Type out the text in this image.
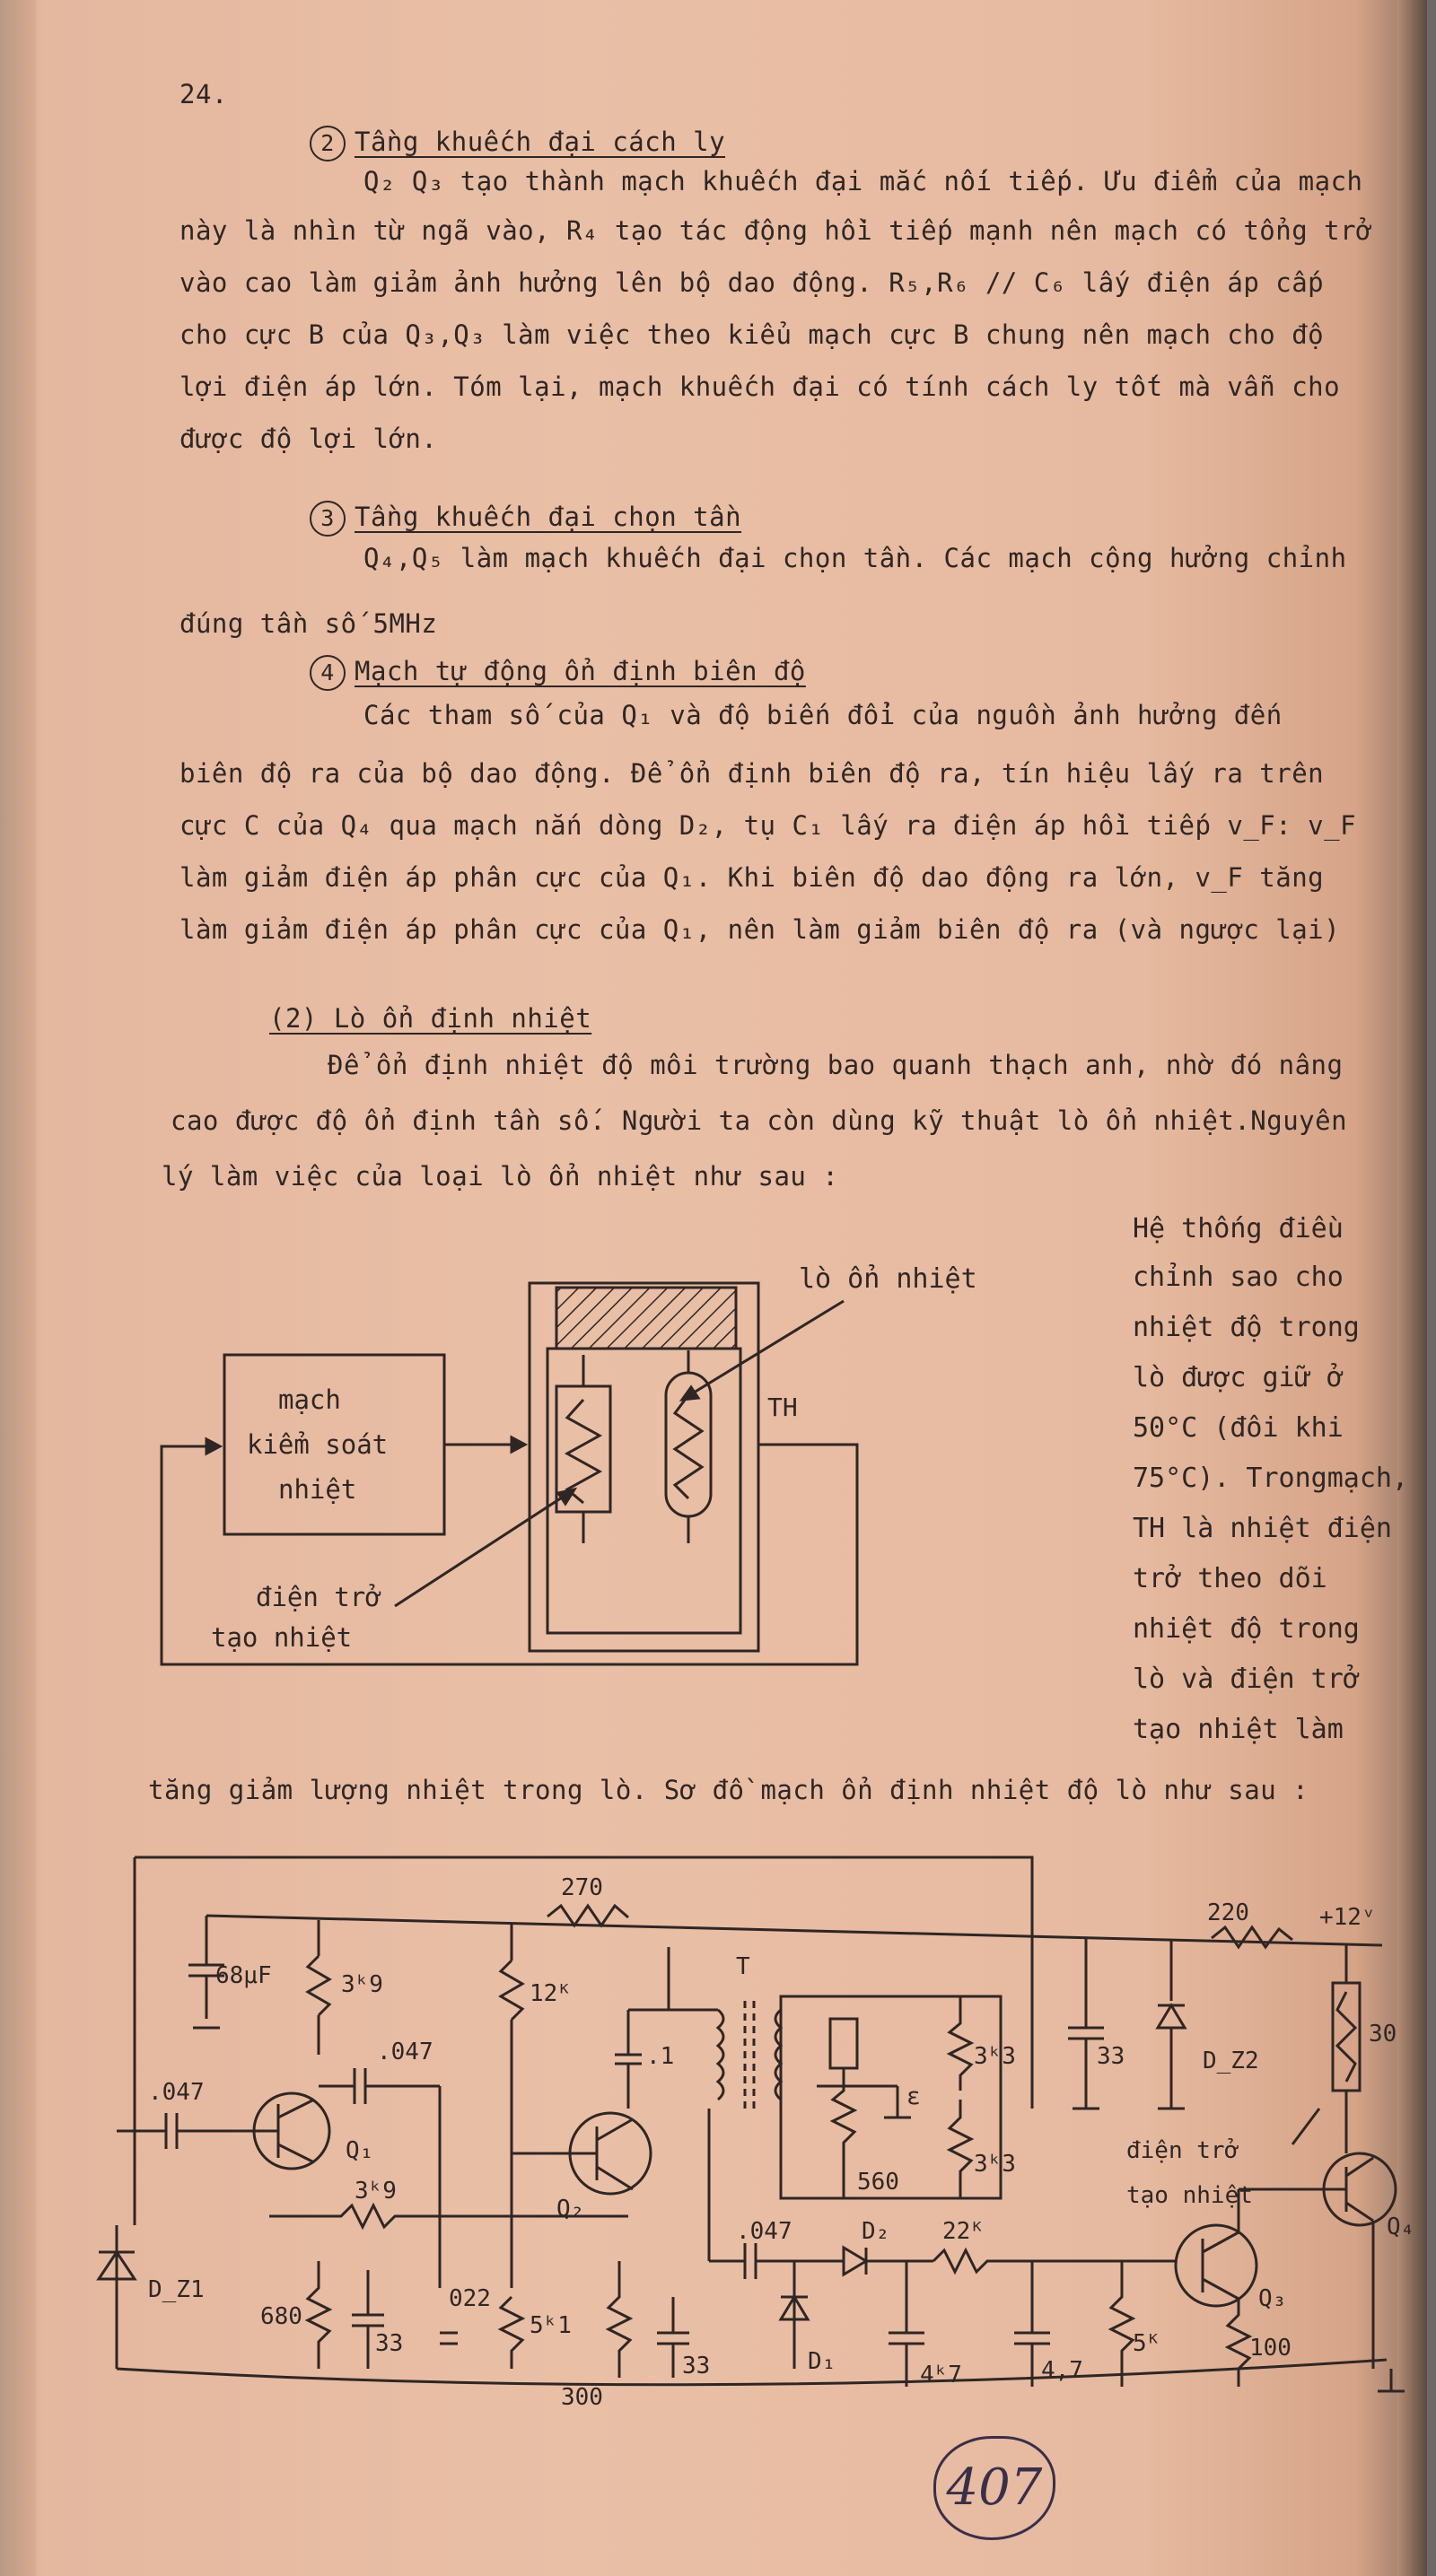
24.
2 Tầng khuếch đại cách ly
Q₂ Q₃ tạo thành mạch khuếch đại mắc nối tiếp. Ưu điểm của mạch
này là nhìn từ ngã vào, R₄ tạo tác động hồi tiếp mạnh nên mạch có tổng trở
vào cao làm giảm ảnh hưởng lên bộ dao động. R₅,R₆ // C₆ lấy điện áp cấp
cho cực B của Q₃,Q₃ làm việc theo kiểu mạch cực B chung nên mạch cho độ
lợi điện áp lớn. Tóm lại, mạch khuếch đại có tính cách ly tốt mà vẫn cho
được độ lợi lớn.
3 Tầng khuếch đại chọn tần
Q₄,Q₅ làm mạch khuếch đại chọn tần. Các mạch cộng hưởng chỉnh
đúng tần số 5MHz
4 Mạch tự động ổn định biên độ
Các tham số của Q₁ và độ biến đổi của nguồn ảnh hưởng đến
biên độ ra của bộ dao động. Để ổn định biên độ ra, tín hiệu lấy ra trên
cực C của Q₄ qua mạch nắn dòng D₂, tụ C₁ lấy ra điện áp hồi tiếp v_F: v_F
làm giảm điện áp phân cực của Q₁. Khi biên độ dao động ra lớn, v_F tăng
làm giảm điện áp phân cực của Q₁, nên làm giảm biên độ ra (và ngược lại)
(2) Lò ổn định nhiệt
Để ổn định nhiệt độ môi trường bao quanh thạch anh, nhờ đó nâng
cao được độ ổn định tần số. Người ta còn dùng kỹ thuật lò ổn nhiệt.Nguyên
lý làm việc của loại lò ổn nhiệt như sau :
Hệ thống điều
chỉnh sao cho
nhiệt độ trong
lò được giữ ở
50°C (đôi khi
75°C). Trongmạch,
TH là nhiệt điện
trở theo dõi
nhiệt độ trong
lò và điện trở
tạo nhiệt làm
lò ổn nhiệt
mạch
kiểm soát
nhiệt
TH
điện trở
tạo nhiệt
tăng giảm lượng nhiệt trong lò. Sơ đồ mạch ổn định nhiệt độ lò như sau :
270
220	+12ᵛ
68μF	3ᵏ9	12ᴷ
.047
.047
Q₁
Q₂
3ᵏ9
.1
T
ε
560
3ᵏ3
3ᵏ3
33	D_Z2
30
điện trở
tạo nhiệt
D_Z1
680
33
022
5ᵏ1
300
33
.047	D₂ 22ᴷ
D₁	4ᵏ7	4,7
5ᴷ	100
Q₃
Q₄
407
